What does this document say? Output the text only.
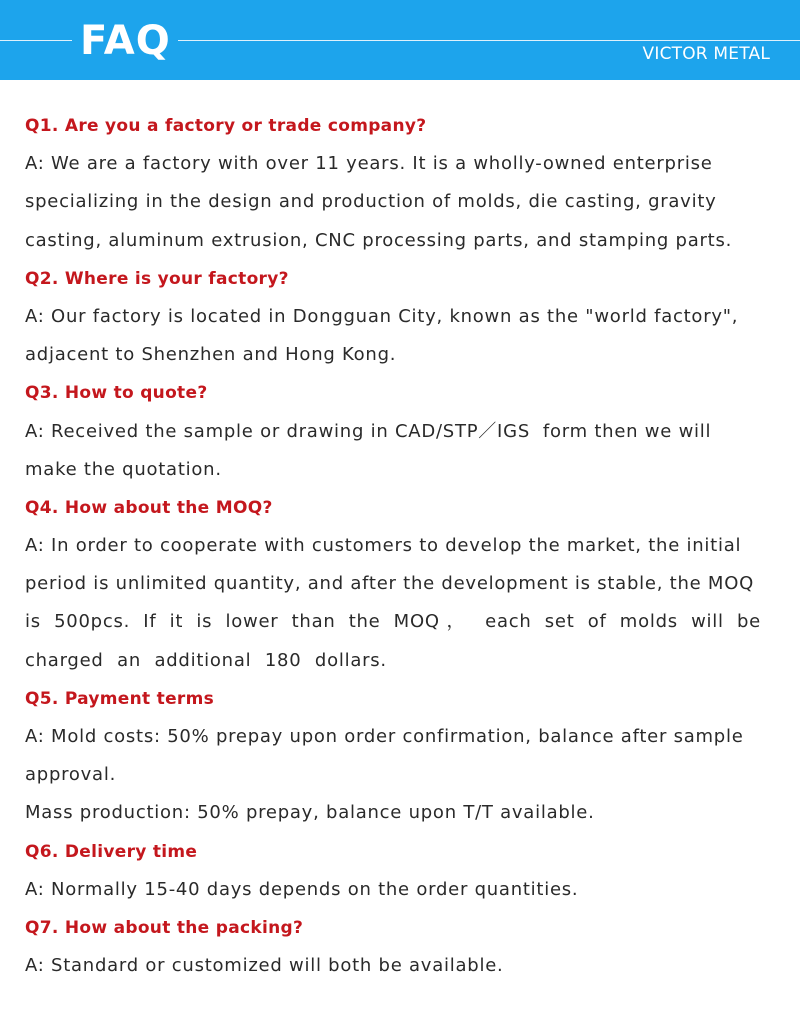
FAQ	VICTOR METAL

Q1. Are you a factory or trade company?

A: We are a factory with over 11 years. It is a wholly-owned enterprise

specializing in the design and production of molds, die casting, gravity

casting, aluminum extrusion, CNC processing parts, and stamping parts.

Q2. Where is your factory?

A: Our factory is located in Dongguan City, known as the "world factory",

adjacent to Shenzhen and Hong Kong.

Q3. How to quote?

A: Received the sample or drawing in CAD/STP／IGS  form then we will

make the quotation.

Q4. How about the MOQ?

A: In order to cooperate with customers to develop the market, the initial

period is unlimited quantity, and after the development is stable, the MOQ

is 500pcs. If it is lower than the MOQ， each set of molds will be

charged an additional 180 dollars.

Q5. Payment terms

A: Mold costs: 50% prepay upon order confirmation, balance after sample

approval.

Mass production: 50% prepay, balance upon T/T available.

Q6. Delivery time

A: Normally 15-40 days depends on the order quantities.

Q7. How about the packing?

A: Standard or customized will both be available.
